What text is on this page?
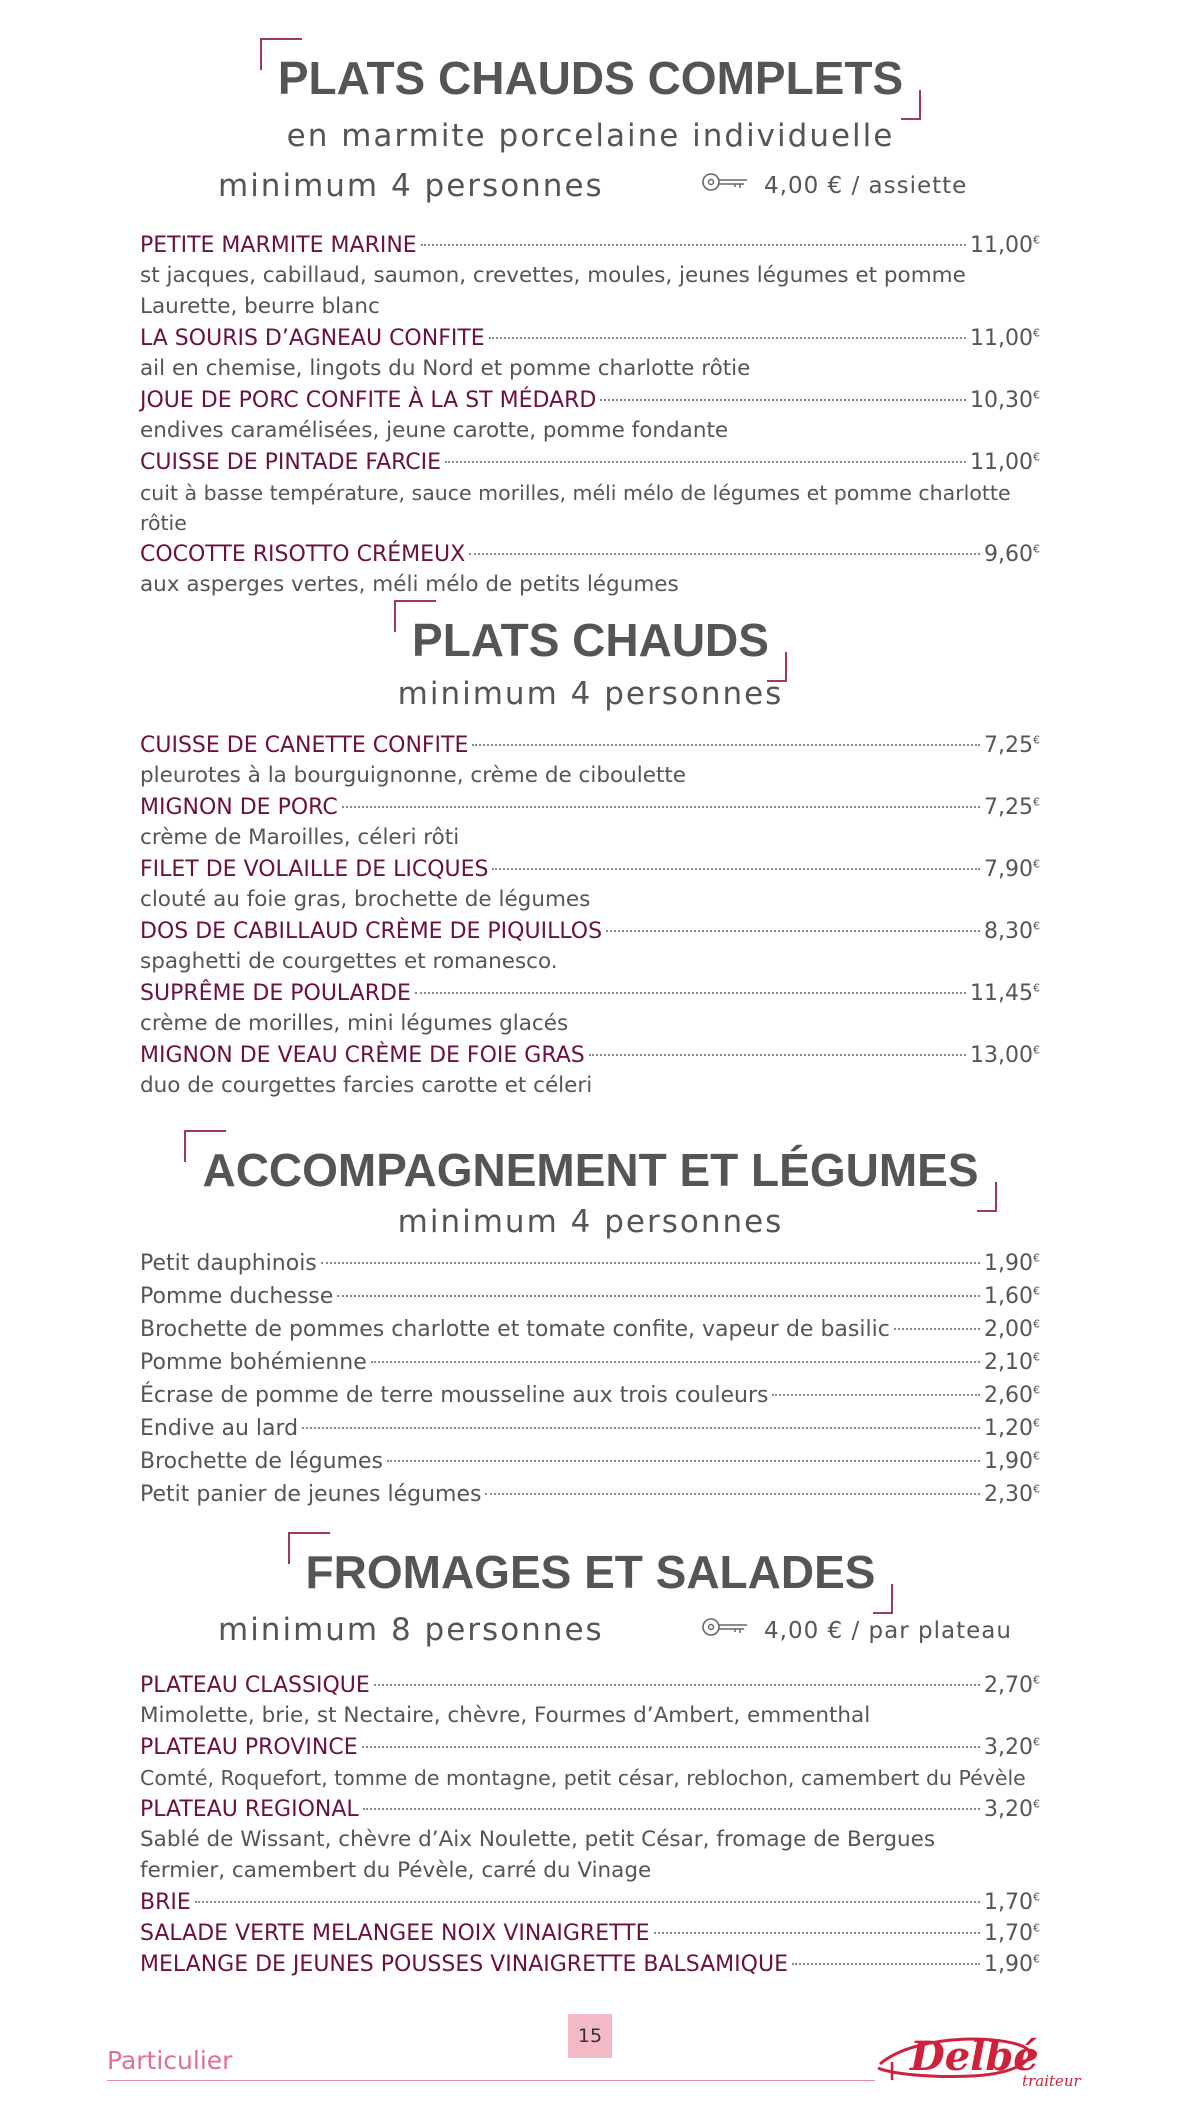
PLATS CHAUDS COMPLETS
en marmite porcelaine individuelle
minimum 4 personnes	4,00 € / assiette
PETITE MARMITE MARINE	11,00€
st jacques, cabillaud, saumon, crevettes, moules, jeunes légumes et pomme
Laurette, beurre blanc
LA SOURIS D’AGNEAU CONFITE	11,00€
ail en chemise, lingots du Nord et pomme charlotte rôtie
JOUE DE PORC CONFITE À LA ST MÉDARD	10,30€
endives caramélisées, jeune carotte, pomme fondante
CUISSE DE PINTADE FARCIE	11,00€
cuit à basse température, sauce morilles, méli mélo de légumes et pomme charlotte rôtie
COCOTTE RISOTTO CRÉMEUX	9,60€
aux asperges vertes, méli mélo de petits légumes
PLATS CHAUDS
minimum 4 personnes
CUISSE DE CANETTE CONFITE	7,25€
pleurotes à la bourguignonne, crème de ciboulette
MIGNON DE PORC	7,25€
crème de Maroilles, céleri rôti
FILET DE VOLAILLE DE LICQUES	7,90€
clouté au foie gras, brochette de légumes
DOS DE CABILLAUD CRÈME DE PIQUILLOS	8,30€
spaghetti de courgettes et romanesco.
SUPRÊME DE POULARDE	11,45€
crème de morilles, mini légumes glacés
MIGNON DE VEAU CRÈME DE FOIE GRAS	13,00€
duo de courgettes farcies carotte et céleri
ACCOMPAGNEMENT ET LÉGUMES
minimum 4 personnes
Petit dauphinois	1,90€
Pomme duchesse	1,60€
Brochette de pommes charlotte et tomate confite, vapeur de basilic	2,00€
Pomme bohémienne	2,10€
Écrase de pomme de terre mousseline aux trois couleurs	2,60€
Endive au lard	1,20€
Brochette de légumes	1,90€
Petit panier de jeunes légumes	2,30€
FROMAGES ET SALADES
minimum 8 personnes	4,00 € / par plateau
PLATEAU CLASSIQUE	2,70€
Mimolette, brie, st Nectaire, chèvre, Fourmes d’Ambert, emmenthal
PLATEAU PROVINCE	3,20€
Comté, Roquefort, tomme de montagne, petit césar, reblochon, camembert du Pévèle
PLATEAU REGIONAL	3,20€
Sablé de Wissant, chèvre d’Aix Noulette, petit César, fromage de Bergues
fermier, camembert du Pévèle, carré du Vinage
BRIE	1,70€
SALADE VERTE MELANGEE NOIX VINAIGRETTE	1,70€
MELANGE DE JEUNES POUSSES VINAIGRETTE BALSAMIQUE	1,90€
Particulier
15	Delbé
traiteur
